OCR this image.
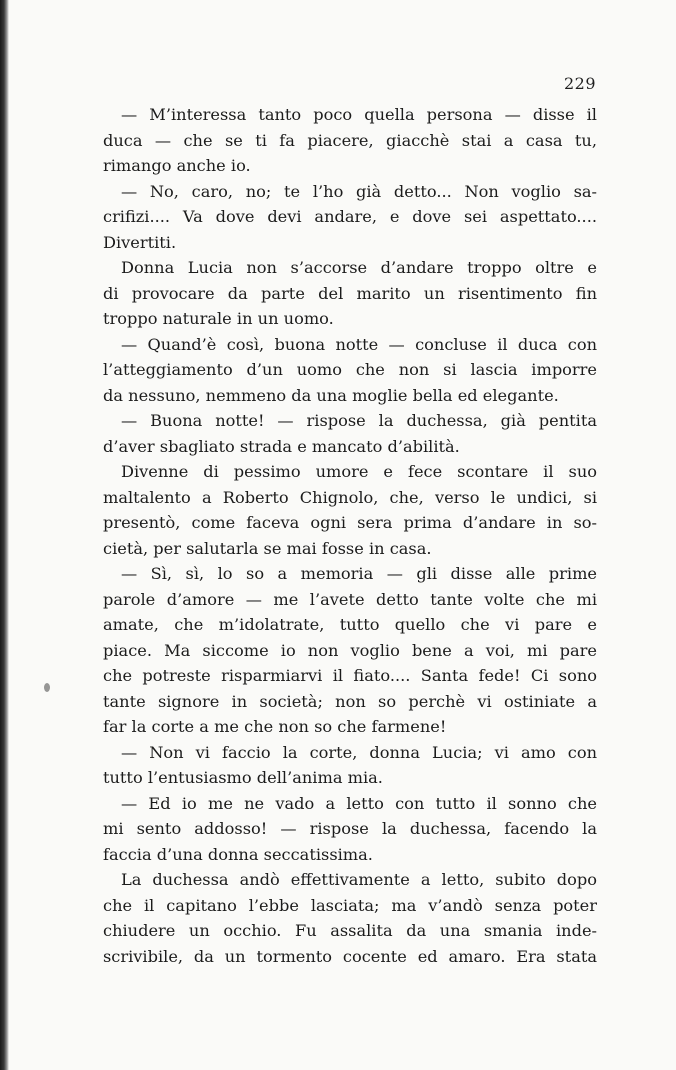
229
— M’interessa tanto poco quella persona — disse il
duca — che se ti fa piacere, giacchè stai a casa tu,
rimango anche io.
— No, caro, no; te l’ho già detto... Non voglio sa-
crifizi.... Va dove devi andare, e dove sei aspettato....
Divertiti.
Donna Lucia non s’accorse d’andare troppo oltre e
di provocare da parte del marito un risentimento fin
troppo naturale in un uomo.
— Quand’è così, buona notte — concluse il duca con
l’atteggiamento d’un uomo che non si lascia imporre
da nessuno, nemmeno da una moglie bella ed elegante.
— Buona notte! — rispose la duchessa, già pentita
d’aver sbagliato strada e mancato d’abilità.
Divenne di pessimo umore e fece scontare il suo
maltalento a Roberto Chignolo, che, verso le undici, si
presentò, come faceva ogni sera prima d’andare in so-
cietà, per salutarla se mai fosse in casa.
— Sì, sì, lo so a memoria — gli disse alle prime
parole d’amore — me l’avete detto tante volte che mi
amate, che m’idolatrate, tutto quello che vi pare e
piace. Ma siccome io non voglio bene a voi, mi pare
che potreste risparmiarvi il fiato.... Santa fede! Ci sono
tante signore in società; non so perchè vi ostiniate a
far la corte a me che non so che farmene!
— Non vi faccio la corte, donna Lucia; vi amo con
tutto l’entusiasmo dell’anima mia.
— Ed io me ne vado a letto con tutto il sonno che
mi sento addosso! — rispose la duchessa, facendo la
faccia d’una donna seccatissima.
La duchessa andò effettivamente a letto, subito dopo
che il capitano l’ebbe lasciata; ma v’andò senza poter
chiudere un occhio. Fu assalita da una smania inde-
scrivibile, da un tormento cocente ed amaro. Era stata
